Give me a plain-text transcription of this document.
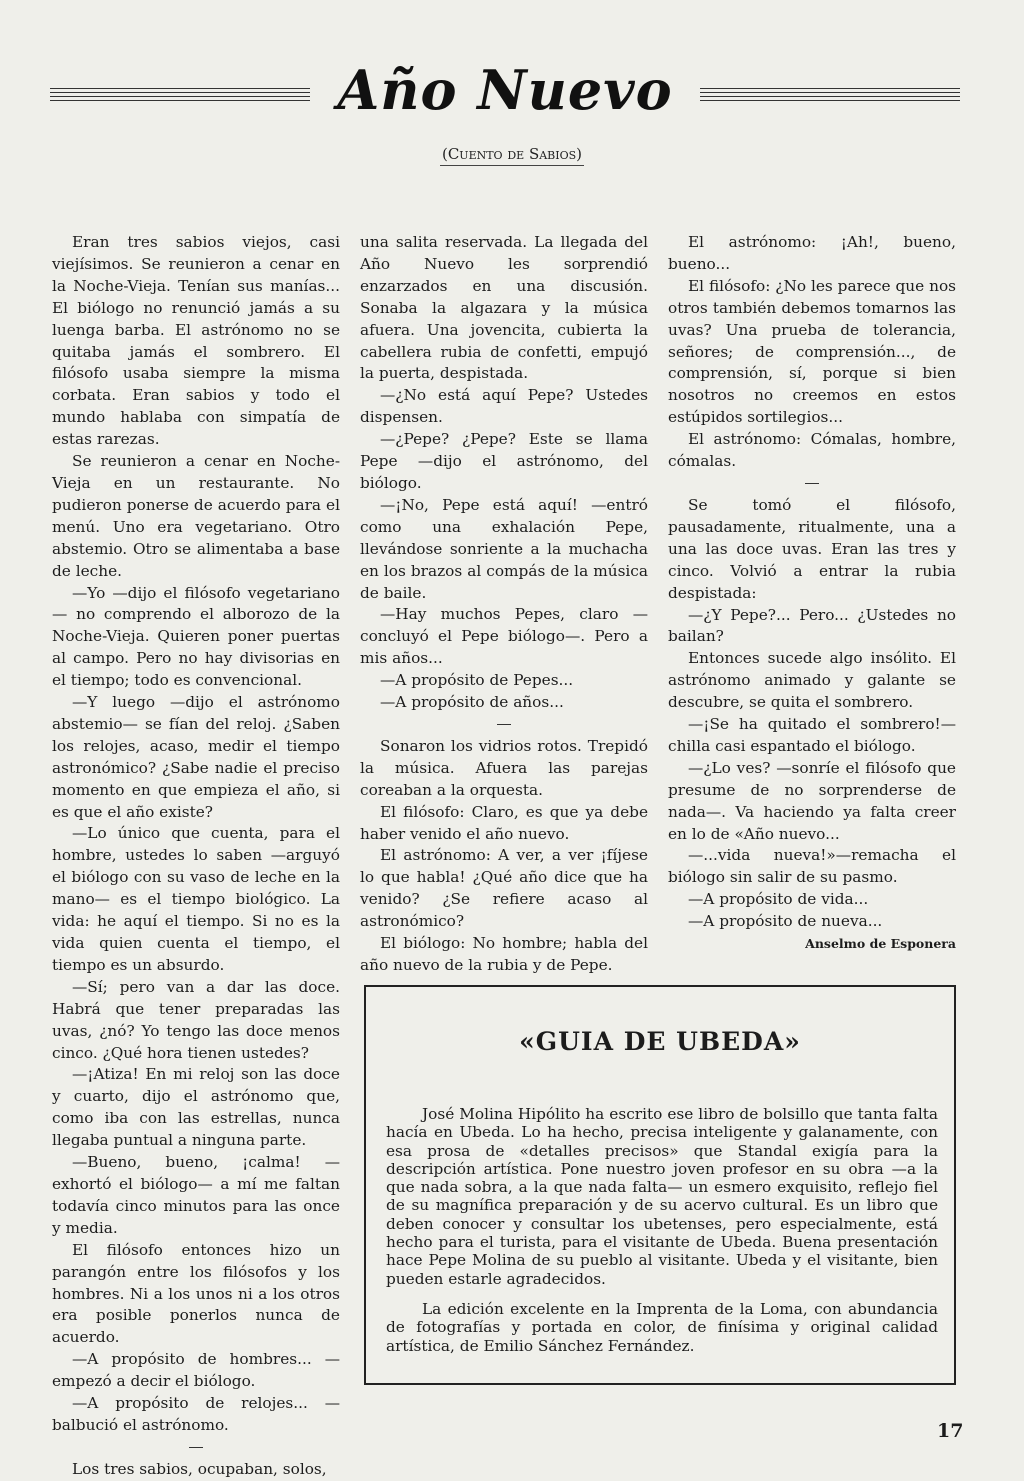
Año Nuevo
(Cuento de Sabios)

Eran tres sabios viejos, casi viejísimos. Se reunieron a cenar en la Noche-Vieja. Tenían sus manías... El biólogo no renunció jamás a su luenga barba. El astrónomo no se quitaba jamás el sombrero. El filósofo usaba siempre la misma corbata. Eran sabios y todo el mundo hablaba con simpatía de estas rarezas.

Se reunieron a cenar en Noche-Vieja en un restaurante. No pudieron ponerse de acuerdo para el menú. Uno era vegetariano. Otro abstemio. Otro se alimentaba a base de leche.

—Yo —dijo el filósofo vegetariano— no comprendo el alborozo de la Noche-Vieja. Quieren poner puertas al campo. Pero no hay divisorias en el tiempo; todo es convencional.

—Y luego —dijo el astrónomo abstemio— se fían del reloj. ¿Saben los relojes, acaso, medir el tiempo astronómico? ¿Sabe nadie el preciso momento en que empieza el año, si es que el año existe?

—Lo único que cuenta, para el hombre, ustedes lo saben —arguyó el biólogo con su vaso de leche en la mano— es el tiempo biológico. La vida: he aquí el tiempo. Si no es la vida quien cuenta el tiempo, el tiempo es un absurdo.

—Sí; pero van a dar las doce. Habrá que tener preparadas las uvas, ¿nó? Yo tengo las doce menos cinco. ¿Qué hora tienen ustedes?

—¡Atiza! En mi reloj son las doce y cuarto, dijo el astrónomo que, como iba con las estrellas, nunca llegaba puntual a ninguna parte.

—Bueno, bueno, ¡calma! —exhortó el biólogo— a mí me faltan todavía cinco minutos para las once y media.

El filósofo entonces hizo un parangón entre los filósofos y los hombres. Ni a los unos ni a los otros era posible ponerlos nunca de acuerdo.

—A propósito de hombres... —empezó a decir el biólogo.

—A propósito de relojes... —balbució el astrónomo.

Los tres sabios, ocupaban, solos,

una salita reservada. La llegada del Año Nuevo les sorprendió enzarzados en una discusión. Sonaba la algazara y la música afuera. Una jovencita, cubierta la cabellera rubia de confetti, empujó la puerta, despistada.

—¿No está aquí Pepe? Ustedes dispensen.

—¿Pepe? ¿Pepe? Este se llama Pepe —dijo el astrónomo, del biólogo.

—¡No, Pepe está aquí! —entró como una exhalación Pepe, llevándose sonriente a la muchacha en los brazos al compás de la música de baile.

—Hay muchos Pepes, claro —concluyó el Pepe biólogo—. Pero a mis años...

—A propósito de Pepes...

—A propósito de años...

Sonaron los vidrios rotos. Trepidó la música. Afuera las parejas coreaban a la orquesta.

El filósofo: Claro, es que ya debe haber venido el año nuevo.

El astrónomo: A ver, a ver ¡fíjese lo que habla! ¿Qué año dice que ha venido? ¿Se refiere acaso al astronómico?

El biólogo: No hombre; habla del año nuevo de la rubia y de Pepe.

El astrónomo: ¡Ah!, bueno, bueno...

El filósofo: ¿No les parece que nos otros también debemos tomarnos las uvas? Una prueba de tolerancia, señores; de comprensión..., de comprensión, sí, porque si bien nosotros no creemos en estos estúpidos sortilegios...

El astrónomo: Cómalas, hombre, cómalas.

Se tomó el filósofo, pausadamente, ritualmente, una a una las doce uvas. Eran las tres y cinco. Volvió a entrar la rubia despistada:

—¿Y Pepe?... Pero... ¿Ustedes no bailan?

Entonces sucede algo insólito. El astrónomo animado y galante se descubre, se quita el sombrero.

—¡Se ha quitado el sombrero!—chilla casi espantado el biólogo.

—¿Lo ves? —sonríe el filósofo que presume de no sorprenderse de nada—. Va haciendo ya falta creer en lo de «Año nuevo...

—...vida nueva!»—remacha el biólogo sin salir de su pasmo.

—A propósito de vida...

—A propósito de nueva...

Anselmo de Esponera

«GUIA DE UBEDA»

José Molina Hipólito ha escrito ese libro de bolsillo que tanta falta hacía en Ubeda. Lo ha hecho, precisa inteligente y galanamente, con esa prosa de «detalles precisos» que Standal exigía para la descripción artística. Pone nuestro joven profesor en su obra —a la que nada sobra, a la que nada falta— un esmero exquisito, reflejo fiel de su magnífica preparación y de su acervo cultural. Es un libro que deben conocer y consultar los ubetenses, pero especialmente, está hecho para el turista, para el visitante de Ubeda. Buena presentación hace Pepe Molina de su pueblo al visitante. Ubeda y el visitante, bien pueden estarle agradecidos.

La edición excelente en la Imprenta de la Loma, con abundancia de fotografías y portada en color, de finísima y original calidad artística, de Emilio Sánchez Fernández.

17
